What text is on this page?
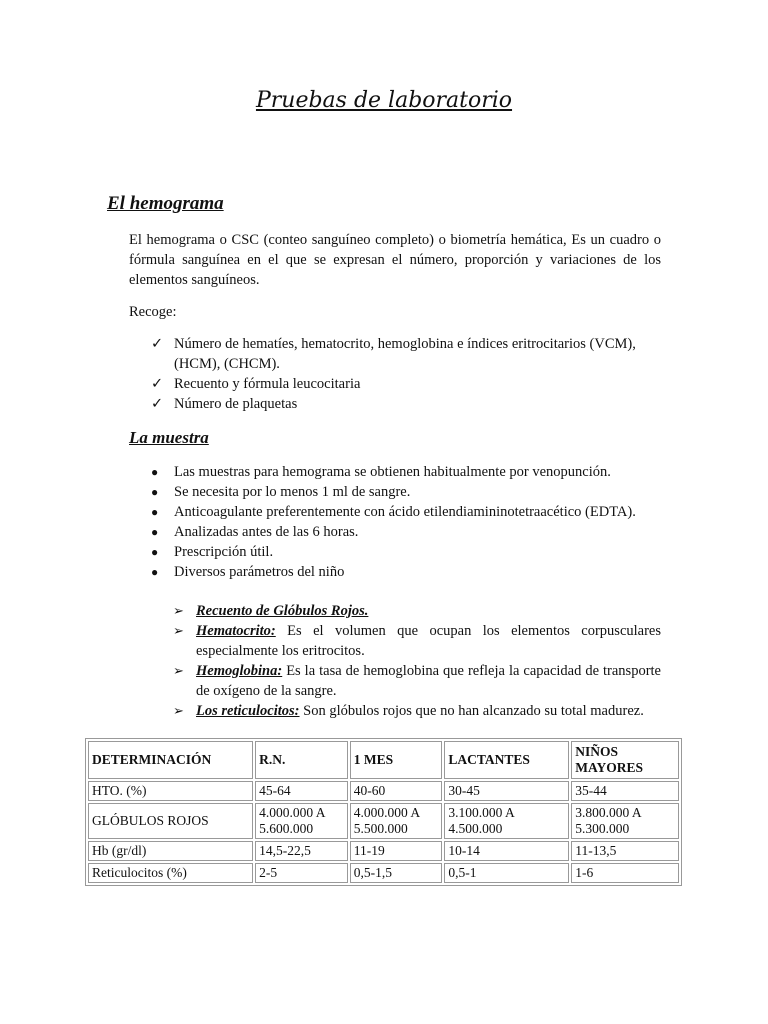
Pruebas de laboratorio
El hemograma
El hemograma o CSC (conteo sanguíneo completo) o biometría hemática, Es un cuadro o fórmula sanguínea en el que se expresan el número, proporción y variaciones de los elementos sanguíneos.
Recoge:
✓ Número de hematíes, hematocrito, hemoglobina e índices eritrocitarios (VCM), (HCM), (CHCM).
✓ Recuento y fórmula leucocitaria
✓ Número de plaquetas
La muestra
● Las muestras para hemograma se obtienen habitualmente por venopunción.
● Se necesita por lo menos 1 ml de sangre.
● Anticoagulante preferentemente con ácido etilendiamininotetraacético (EDTA).
● Analizadas antes de las 6 horas.
● Prescripción útil.
● Diversos parámetros del niño
➢ Recuento de Glóbulos Rojos.
➢ Hematocrito: Es el volumen que ocupan los elementos corpusculares especialmente los eritrocitos.
➢ Hemoglobina: Es la tasa de hemoglobina que refleja la capacidad de transporte de oxígeno de la sangre.
➢ Los reticulocitos: Son glóbulos rojos que no han alcanzado su total madurez.
DETERMINACIÓN	R.N.	1 MES	LACTANTES	NIÑOS MAYORES
HTO. (%)	45-64	40-60	30-45	35-44
GLÓBULOS ROJOS	4.000.000 A 5.600.000	4.000.000 A 5.500.000	3.100.000 A 4.500.000	3.800.000 A 5.300.000
Hb (gr/dl)	14,5-22,5	11-19	10-14	11-13,5
Reticulocitos (%)	2-5	0,5-1,5	0,5-1	1-6
